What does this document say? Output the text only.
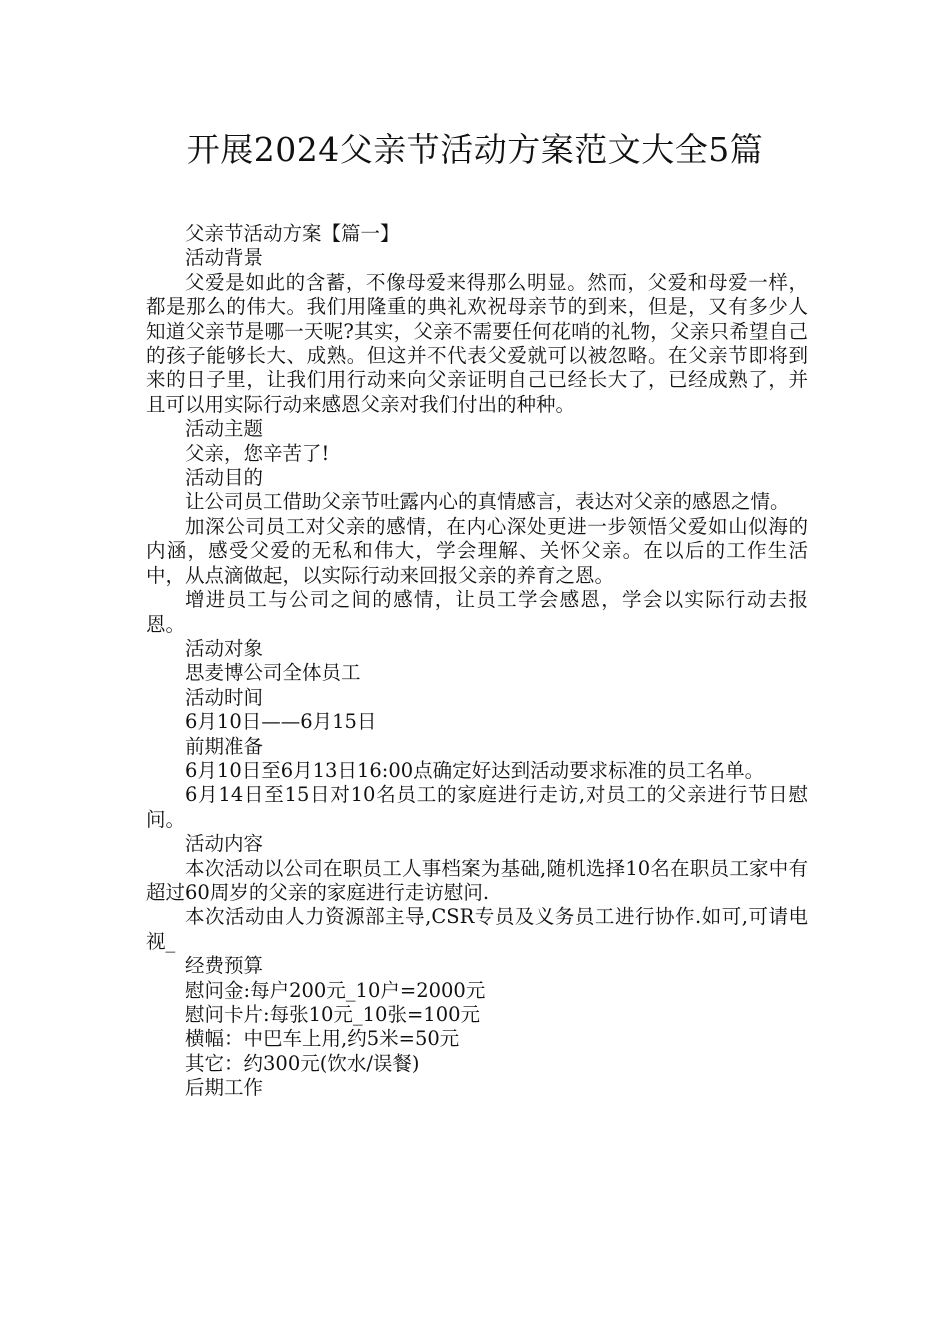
开展2024父亲节活动方案范文大全5篇

父亲节活动方案【篇一】

活动背景

父爱是如此的含蓄，不像母爱来得那么明显。然而，父爱和母爱一样，都是那么的伟大。我们用隆重的典礼欢祝母亲节的到来，但是，又有多少人知道父亲节是哪一天呢?其实，父亲不需要任何花哨的礼物，父亲只希望自己的孩子能够长大、成熟。但这并不代表父爱就可以被忽略。在父亲节即将到来的日子里，让我们用行动来向父亲证明自己已经长大了，已经成熟了，并且可以用实际行动来感恩父亲对我们付出的种种。

活动主题

父亲，您辛苦了!

活动目的

让公司员工借助父亲节吐露内心的真情感言，表达对父亲的感恩之情。

加深公司员工对父亲的感情，在内心深处更进一步领悟父爱如山似海的内涵，感受父爱的无私和伟大，学会理解、关怀父亲。在以后的工作生活中，从点滴做起，以实际行动来回报父亲的养育之恩。

增进员工与公司之间的感情，让员工学会感恩，学会以实际行动去报恩。

活动对象

思麦博公司全体员工

活动时间

6月10日——6月15日

前期准备

6月10日至6月13日16:00点确定好达到活动要求标准的员工名单。

6月14日至15日对10名员工的家庭进行走访,对员工的父亲进行节日慰问。

活动内容

本次活动以公司在职员工人事档案为基础,随机选择10名在职员工家中有超过60周岁的父亲的家庭进行走访慰问.

本次活动由人力资源部主导,CSR专员及义务员工进行协作.如可,可请电视_

经费预算

慰问金:每户200元_10户=2000元

慰问卡片:每张10元_10张=100元

横幅：中巴车上用,约5米=50元

其它：约300元(饮水/误餐)

后期工作
